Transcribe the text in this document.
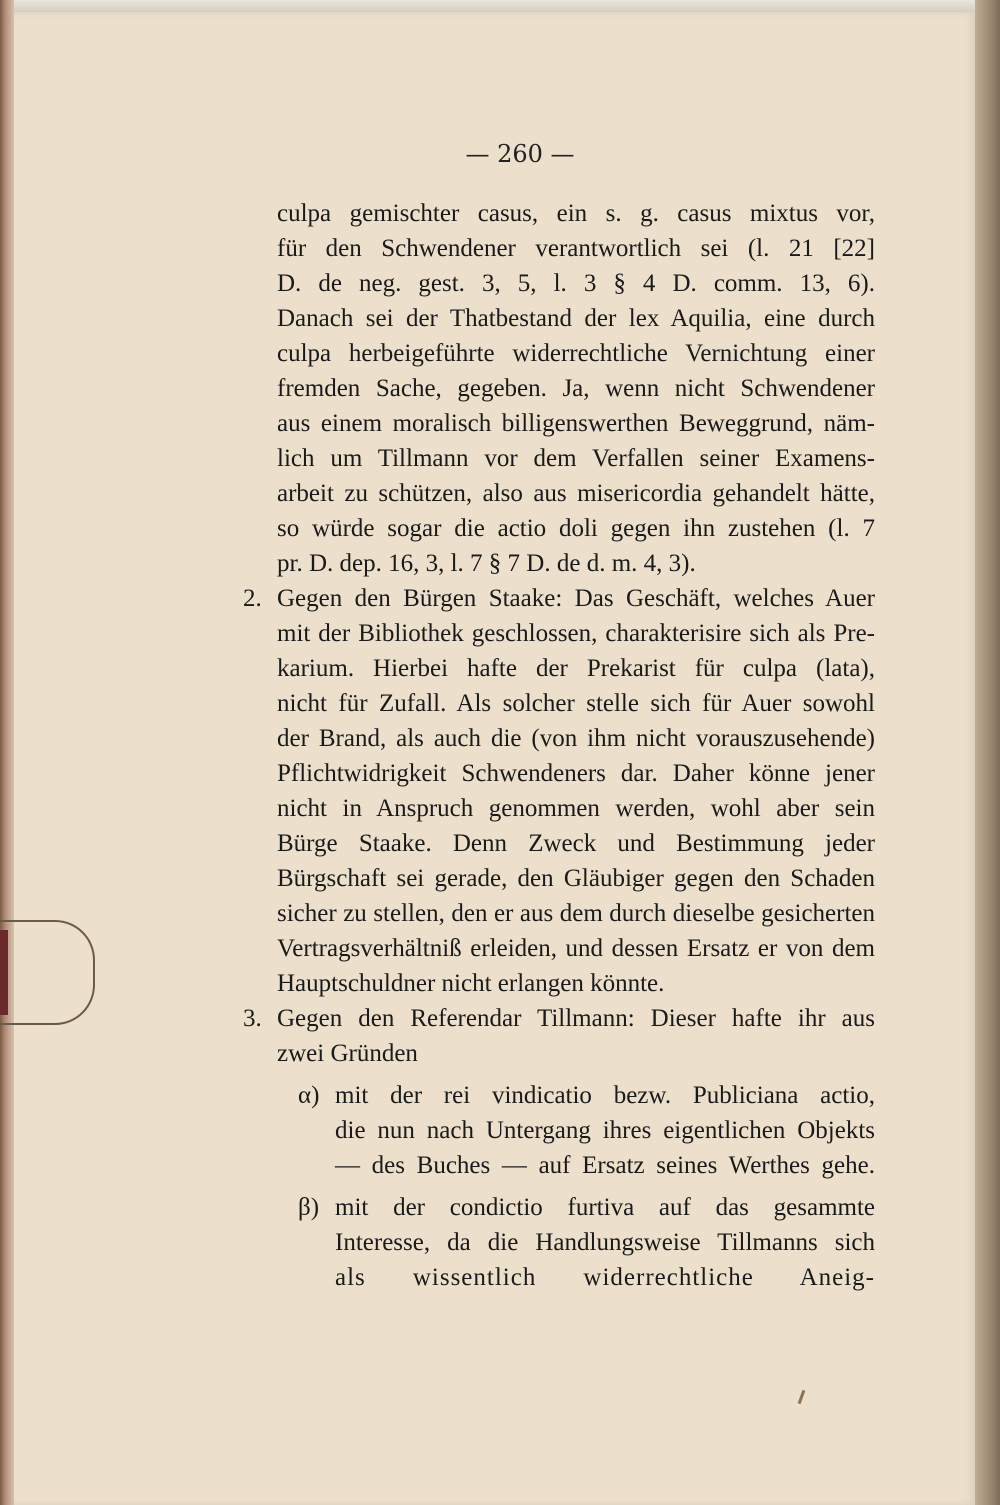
— 260 —
culpa gemischter casus, ein s. g. casus mixtus vor,
für den Schwendener verantwortlich sei (l. 21 [22]
D. de neg. gest. 3, 5, l. 3 § 4 D. comm. 13, 6).
Danach sei der Thatbestand der lex Aquilia, eine durch
culpa herbeigeführte widerrechtliche Vernichtung einer
fremden Sache, gegeben. Ja, wenn nicht Schwendener
aus einem moralisch billigenswerthen Beweggrund, näm-
lich um Tillmann vor dem Verfallen seiner Examens-
arbeit zu schützen, also aus misericordia gehandelt hätte,
so würde sogar die actio doli gegen ihn zustehen (l. 7
pr. D. dep. 16, 3, l. 7 § 7 D. de d. m. 4, 3).
2. Gegen den Bürgen Staake: Das Geschäft, welches Auer
mit der Bibliothek geschlossen, charakterisire sich als Pre-
karium. Hierbei hafte der Prekarist für culpa (lata),
nicht für Zufall. Als solcher stelle sich für Auer sowohl
der Brand, als auch die (von ihm nicht vorauszusehende)
Pflichtwidrigkeit Schwendeners dar. Daher könne jener
nicht in Anspruch genommen werden, wohl aber sein
Bürge Staake. Denn Zweck und Bestimmung jeder
Bürgschaft sei gerade, den Gläubiger gegen den Schaden
sicher zu stellen, den er aus dem durch dieselbe gesicherten
Vertragsverhältniß erleiden, und dessen Ersatz er von dem
Hauptschuldner nicht erlangen könnte.
3. Gegen den Referendar Tillmann: Dieser hafte ihr aus
zwei Gründen
α) mit der rei vindicatio bezw. Publiciana actio,
die nun nach Untergang ihres eigentlichen Objekts
— des Buches — auf Ersatz seines Werthes gehe.
β) mit der condictio furtiva auf das gesammte
Interesse, da die Handlungsweise Tillmanns sich
als wissentlich widerrechtliche Aneig-
